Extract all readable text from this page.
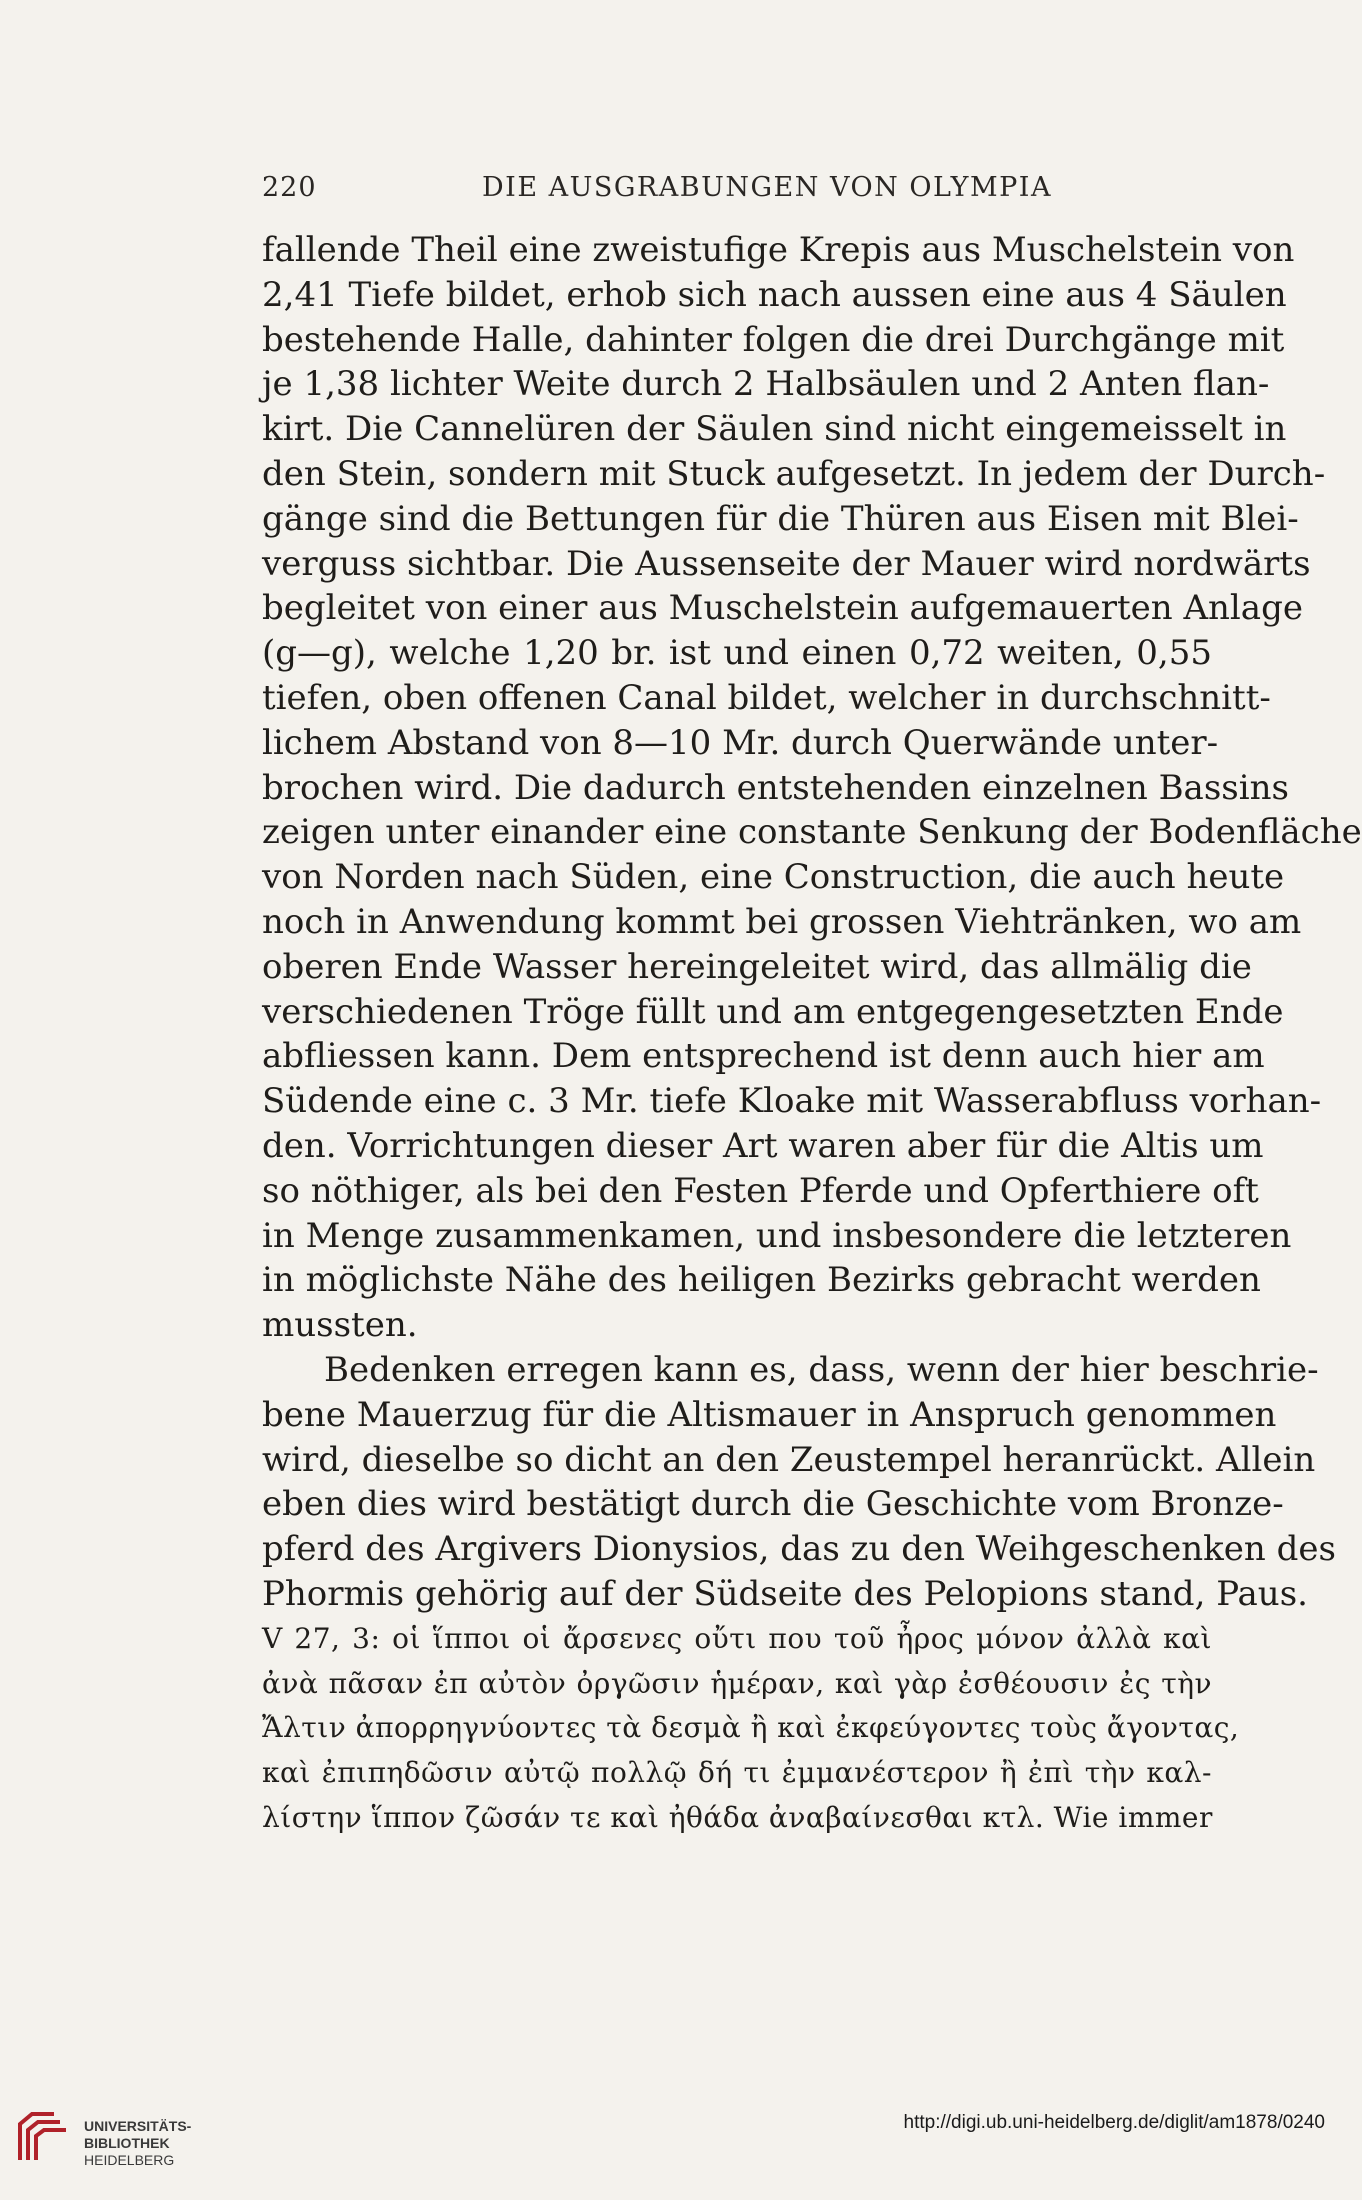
220	DIE AUSGRABUNGEN VON OLYMPIA
fallende Theil eine zweistufige Krepis aus Muschelstein von
2,41 Tiefe bildet, erhob sich nach aussen eine aus 4 Säulen
bestehende Halle, dahinter folgen die drei Durchgänge mit
je 1,38 lichter Weite durch 2 Halbsäulen und 2 Anten flan-
kirt. Die Cannelüren der Säulen sind nicht eingemeisselt in
den Stein, sondern mit Stuck aufgesetzt. In jedem der Durch-
gänge sind die Bettungen für die Thüren aus Eisen mit Blei-
verguss sichtbar. Die Aussenseite der Mauer wird nordwärts
begleitet von einer aus Muschelstein aufgemauerten Anlage
(g—g), welche 1,20 br. ist und einen 0,72 weiten, 0,55
tiefen, oben offenen Canal bildet, welcher in durchschnitt-
lichem Abstand von 8—10 Mr. durch Querwände unter-
brochen wird. Die dadurch entstehenden einzelnen Bassins
zeigen unter einander eine constante Senkung der Bodenfläche
von Norden nach Süden, eine Construction, die auch heute
noch in Anwendung kommt bei grossen Viehtränken, wo am
oberen Ende Wasser hereingeleitet wird, das allmälig die
verschiedenen Tröge füllt und am entgegengesetzten Ende
abfliessen kann. Dem entsprechend ist denn auch hier am
Südende eine c. 3 Mr. tiefe Kloake mit Wasserabfluss vorhan-
den. Vorrichtungen dieser Art waren aber für die Altis um
so nöthiger, als bei den Festen Pferde und Opferthiere oft
in Menge zusammenkamen, und insbesondere die letzteren
in möglichste Nähe des heiligen Bezirks gebracht werden
mussten.
Bedenken erregen kann es, dass, wenn der hier beschrie-
bene Mauerzug für die Altismauer in Anspruch genommen
wird, dieselbe so dicht an den Zeustempel heranrückt. Allein
eben dies wird bestätigt durch die Geschichte vom Bronze-
pferd des Argivers Dionysios, das zu den Weihgeschenken des
Phormis gehörig auf der Südseite des Pelopions stand, Paus.
V 27, 3: οἱ ἵπποι οἱ ἄρσενες οὔτι που τοῦ ἦρος μόνον ἀλλὰ καὶ
ἀνὰ πᾶσαν ἐπ αὐτὸν ὀργῶσιν ἡμέραν, καὶ γὰρ ἐσθέουσιν ἐς τὴν
Ἄλτιν ἀπορρηγνύοντες τὰ δεσμὰ ἢ καὶ ἐκφεύγοντες τοὺς ἄγοντας,
καὶ ἐπιπηδῶσιν αὐτῷ πολλῷ δή τι ἐμμανέστερον ἢ ἐπὶ τὴν καλ-
λίστην ἵππον ζῶσάν τε καὶ ἠθάδα ἀναβαίνεσθαι κτλ. Wie immer
UNIVERSITÄTS-
BIBLIOTHEK
HEIDELBERG
http://digi.ub.uni-heidelberg.de/diglit/am1878/0240
